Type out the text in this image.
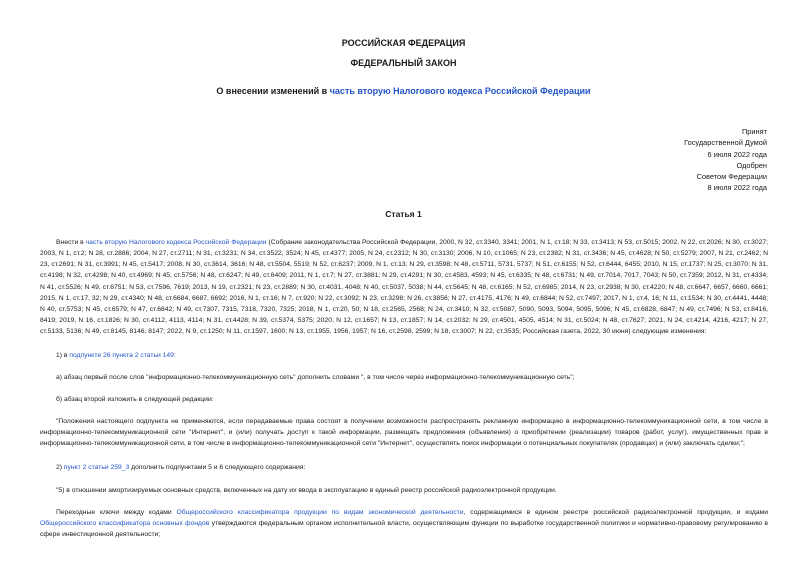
РОССИЙСКАЯ ФЕДЕРАЦИЯ
ФЕДЕРАЛЬНЫЙ ЗАКОН
О внесении изменений в часть вторую Налогового кодекса Российской Федерации
Принят
Государственной Думой
6 июля 2022 года
Одобрен
Советом Федерации
8 июля 2022 года
Статья 1

Внести в часть вторую Налогового кодекса Российской Федерации (Собрание законодательства Российской Федерации, 2000, N 32, ст.3340, 3341; 2001, N 1, ст.18; N 33, ст.3413; N 53, ст.5015; 2002, N 22, ст.2026; N 30, ст.3027; 2003, N 1, ст.2; N 28, ст.2886; 2004, N 27, ст.2711; N 31, ст.3231; N 34, ст.3522, 3524; N 45, ст.4377; 2005, N 24, ст.2312; N 30, ст.3130; 2006, N 10, ст.1065; N 23, ст.2382; N 31, ст.3436; N 45, ст.4628; N 50, ст.5279; 2007, N 21, ст.2462; N 23, ст.2691; N 31, ст.3991; N 45, ст.5417; 2008, N 30, ст.3614, 3616; N 48, ст.5504, 5519; N 52, ст.6237; 2009, N 1, ст.13; N 29, ст.3598; N 48, ст.5711, 5731, 5737; N 51, ст.6155; N 52, ст.6444, 6455; 2010, N 15, ст.1737; N 25, ст.3070; N 31, ст.4198; N 32, ст.4298; N 40, ст.4969; N 45, ст.5756; N 48, ст.6247; N 49, ст.6409; 2011, N 1, ст.7; N 27, ст.3881; N 29, ст.4291; N 30, ст.4583, 4593; N 45, ст.6335; N 48, ст.6731; N 49, ст.7014, 7017, 7043; N 50, ст.7359; 2012, N 31, ст.4334; N 41, ст.5526; N 49, ст.6751; N 53, ст.7596, 7619; 2013, N 19, ст.2321; N 23, ст.2889; N 30, ст.4031, 4048; N 40, ст.5037, 5038; N 44, ст.5645; N 48, ст.6165; N 52, ст.6985; 2014, N 23, ст.2938; N 30, ст.4220; N 48, ст.6647, 6657, 6660, 6661; 2015, N 1, ст.17, 32; N 29, ст.4340; N 48, ст.6684, 6687, 6692; 2016, N 1, ст.16; N 7, ст.920; N 22, ст.3092; N 23, ст.3298; N 26, ст.3856; N 27, ст.4175, 4176; N 49, ст.6844; N 52, ст.7497; 2017, N 1, ст.4, 16; N 11, ст.1534; N 30, ст.4441, 4448; N 40, ст.5753; N 45, ст.6579; N 47, ст.6842; N 49, ст.7307, 7315, 7318, 7320, 7325; 2018, N 1, ст.20, 50; N 18, ст.2565, 2568; N 24, ст.3410; N 32, ст.5087, 5090, 5093, 5094, 5095, 5096; N 45, ст.6828, 6847; N 49, ст.7496; N 53, ст.8416, 8419; 2019, N 16, ст.1826; N 30, ст.4112, 4113, 4114; N 31, ст.4428; N 39, ст.5374, 5375; 2020, N 12, ст.1657; N 13, ст.1857; N 14, ст.2032; N 29, ст.4501, 4505, 4514; N 31, ст.5024; N 48, ст.7627; 2021, N 24, ст.4214, 4216, 4217; N 27, ст.5133, 5136; N 49, ст.8145, 8146, 8147; 2022, N 9, ст.1250; N 11, ст.1597, 1600; N 13, ст.1955, 1956, 1957; N 16, ст.2598, 2599; N 18, ст.3007; N 22, ст.3535; Российская газета, 2022, 30 июня) следующие изменения:

1) в подпункте 26 пункта 2 статьи 149:

а) абзац первый после слов "информационно-телекоммуникационную сеть" дополнить словами ", в том числе через информационно-телекоммуникационную сеть";

б) абзац второй изложить в следующей редакции:

"Положения настоящего подпункта не применяются, если передаваемые права состоят в получении возможности распространять рекламную информацию в информационно-телекоммуникационной сети, в том числе в информационно-телекоммуникационной сети "Интернет", и (или) получать доступ к такой информации, размещать предложения (объявления) о приобретении (реализации) товаров (работ, услуг), имущественных прав в информационно-телекоммуникационной сети, в том числе в информационно-телекоммуникационной сети "Интернет", осуществлять поиск информации о потенциальных покупателях (продавцах) и (или) заключать сделки;";

2) пункт 2 статьи 259_3 дополнить подпунктами 5 и 6 следующего содержания:

"5) в отношении амортизируемых основных средств, включенных на дату их ввода в эксплуатацию в единый реестр российской радиоэлектронной продукции.

Переходные ключи между кодами Общероссийского классификатора продукции по видам экономической деятельности, содержащимися в едином реестре российской радиоэлектронной продукции, и кодами Общероссийского классификатора основных фондов утверждаются федеральным органом исполнительной власти, осуществляющим функции по выработке государственной политики и нормативно-правовому регулированию в сфере инвестиционной деятельности;
